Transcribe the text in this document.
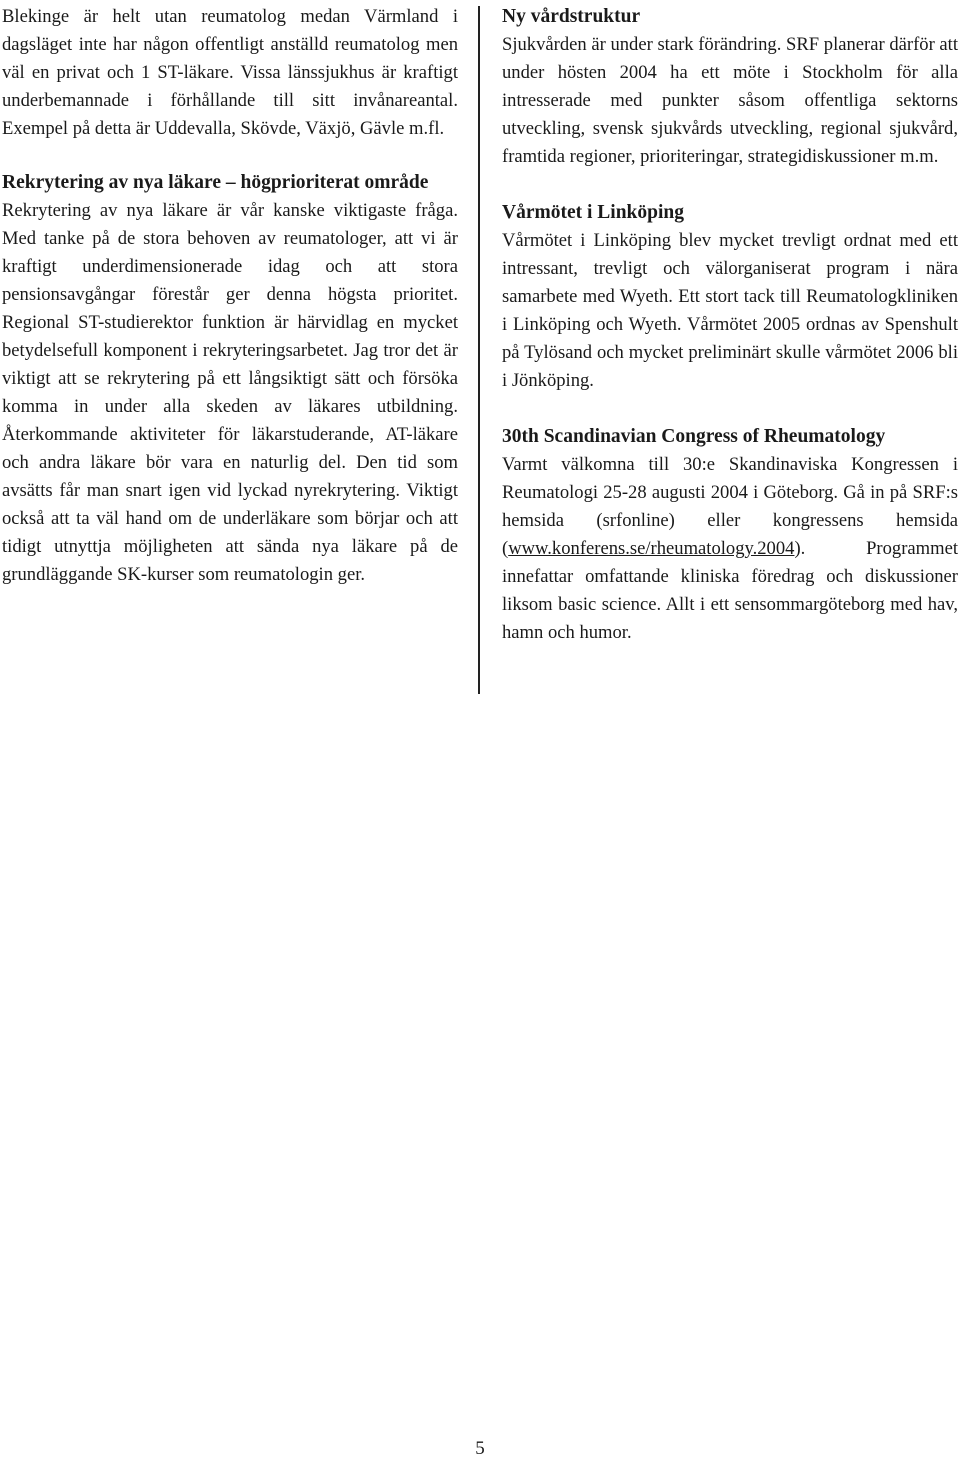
Blekinge är helt utan reumatolog medan Värmland i dagsläget inte har någon offentligt anställd reumatolog men väl en privat och 1 ST-läkare. Vissa länssjukhus är kraftigt underbemannade i förhållande till sitt invånareantal. Exempel på detta är Uddevalla, Skövde, Växjö, Gävle m.fl.

Rekrytering av nya läkare – högprioriterat område

Rekrytering av nya läkare är vår kanske viktigaste fråga. Med tanke på de stora behoven av reumatologer, att vi är kraftigt underdimensionerade idag och att stora pensionsavgångar förestår ger denna högsta prioritet. Regional ST-studierektor funktion är härvidlag en mycket betydelsefull komponent i rekryteringsarbetet. Jag tror det är viktigt att se rekrytering på ett långsiktigt sätt och försöka komma in under alla skeden av läkares utbildning. Återkommande aktiviteter för läkarstuderande, AT-läkare och andra läkare bör vara en naturlig del. Den tid som avsätts får man snart igen vid lyckad nyrekrytering. Viktigt också att ta väl hand om de underläkare som börjar och att tidigt utnyttja möjligheten att sända nya läkare på de grundläggande SK-kurser som reumatologin ger.

Ny vårdstruktur

Sjukvården är under stark förändring. SRF planerar därför att under hösten 2004 ha ett möte i Stockholm för alla intresserade med punkter såsom offentliga sektorns utveckling, svensk sjukvårds utveckling, regional sjukvård, framtida regioner, prioriteringar, strategidiskussioner m.m.

Vårmötet i Linköping

Vårmötet i Linköping blev mycket trevligt ordnat med ett intressant, trevligt och välorganiserat program i nära samarbete med Wyeth. Ett stort tack till Reumatologkliniken i Linköping och Wyeth. Vårmötet 2005 ordnas av Spenshult på Tylösand och mycket preliminärt skulle vårmötet 2006 bli i Jönköping.

30th Scandinavian Congress of Rheumatology

Varmt välkomna till 30:e Skandinaviska Kongressen i Reumatologi 25-28 augusti 2004 i Göteborg. Gå in på SRF:s hemsida (srfonline) eller kongressens hemsida (www.konferens.se/rheumatology.2004). Programmet innefattar omfattande kliniska föredrag och diskussioner liksom basic science. Allt i ett sensommargöteborg med hav, hamn och humor.

5
